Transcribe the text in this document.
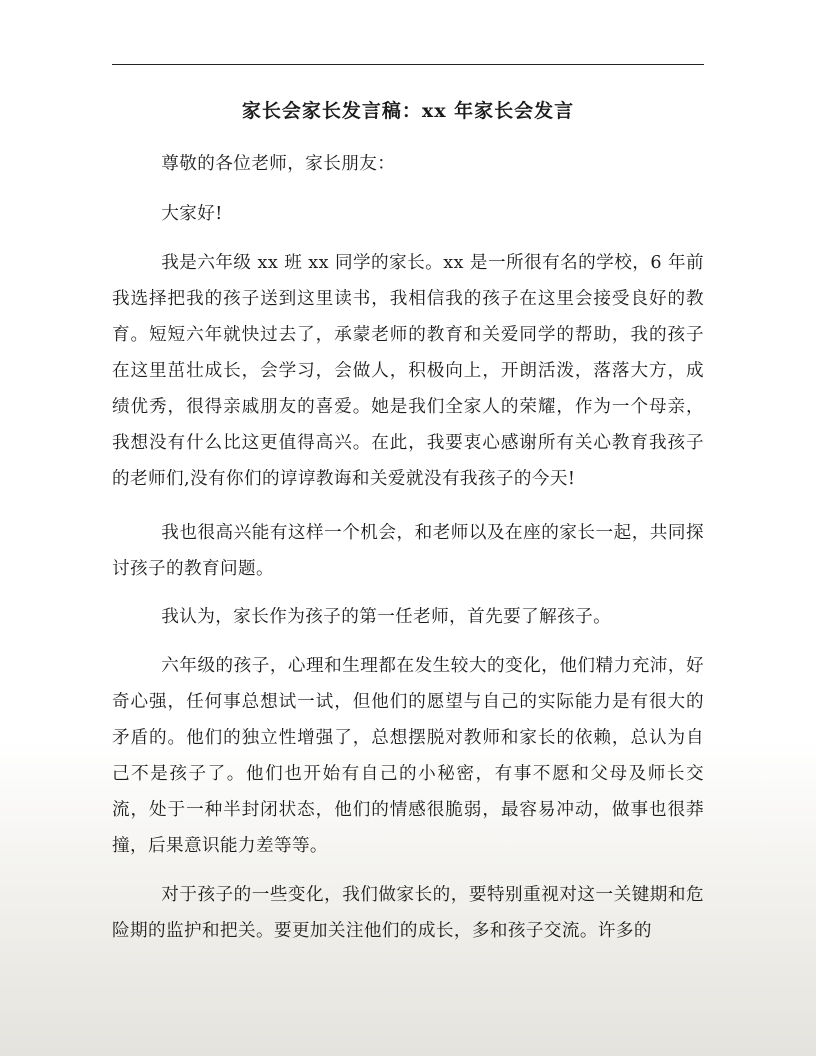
家长会家长发言稿：xx 年家长会发言

尊敬的各位老师，家长朋友：

大家好!

我是六年级 xx 班 xx 同学的家长。xx 是一所很有名的学校，6 年前我选择把我的孩子送到这里读书，我相信我的孩子在这里会接受良好的教育。短短六年就快过去了，承蒙老师的教育和关爱同学的帮助，我的孩子在这里茁壮成长，会学习，会做人，积极向上，开朗活泼，落落大方，成绩优秀，很得亲戚朋友的喜爱。她是我们全家人的荣耀，作为一个母亲，我想没有什么比这更值得高兴。在此，我要衷心感谢所有关心教育我孩子的老师们,没有你们的谆谆教诲和关爱就没有我孩子的今天!

我也很高兴能有这样一个机会，和老师以及在座的家长一起，共同探讨孩子的教育问题。

我认为，家长作为孩子的第一任老师，首先要了解孩子。

六年级的孩子，心理和生理都在发生较大的变化，他们精力充沛，好奇心强，任何事总想试一试，但他们的愿望与自己的实际能力是有很大的矛盾的。他们的独立性增强了，总想摆脱对教师和家长的依赖，总认为自己不是孩子了。他们也开始有自己的小秘密，有事不愿和父母及师长交流，处于一种半封闭状态，他们的情感很脆弱，最容易冲动，做事也很莽撞，后果意识能力差等等。

对于孩子的一些变化，我们做家长的，要特别重视对这一关键期和危险期的监护和把关。要更加关注他们的成长，多和孩子交流。许多的
